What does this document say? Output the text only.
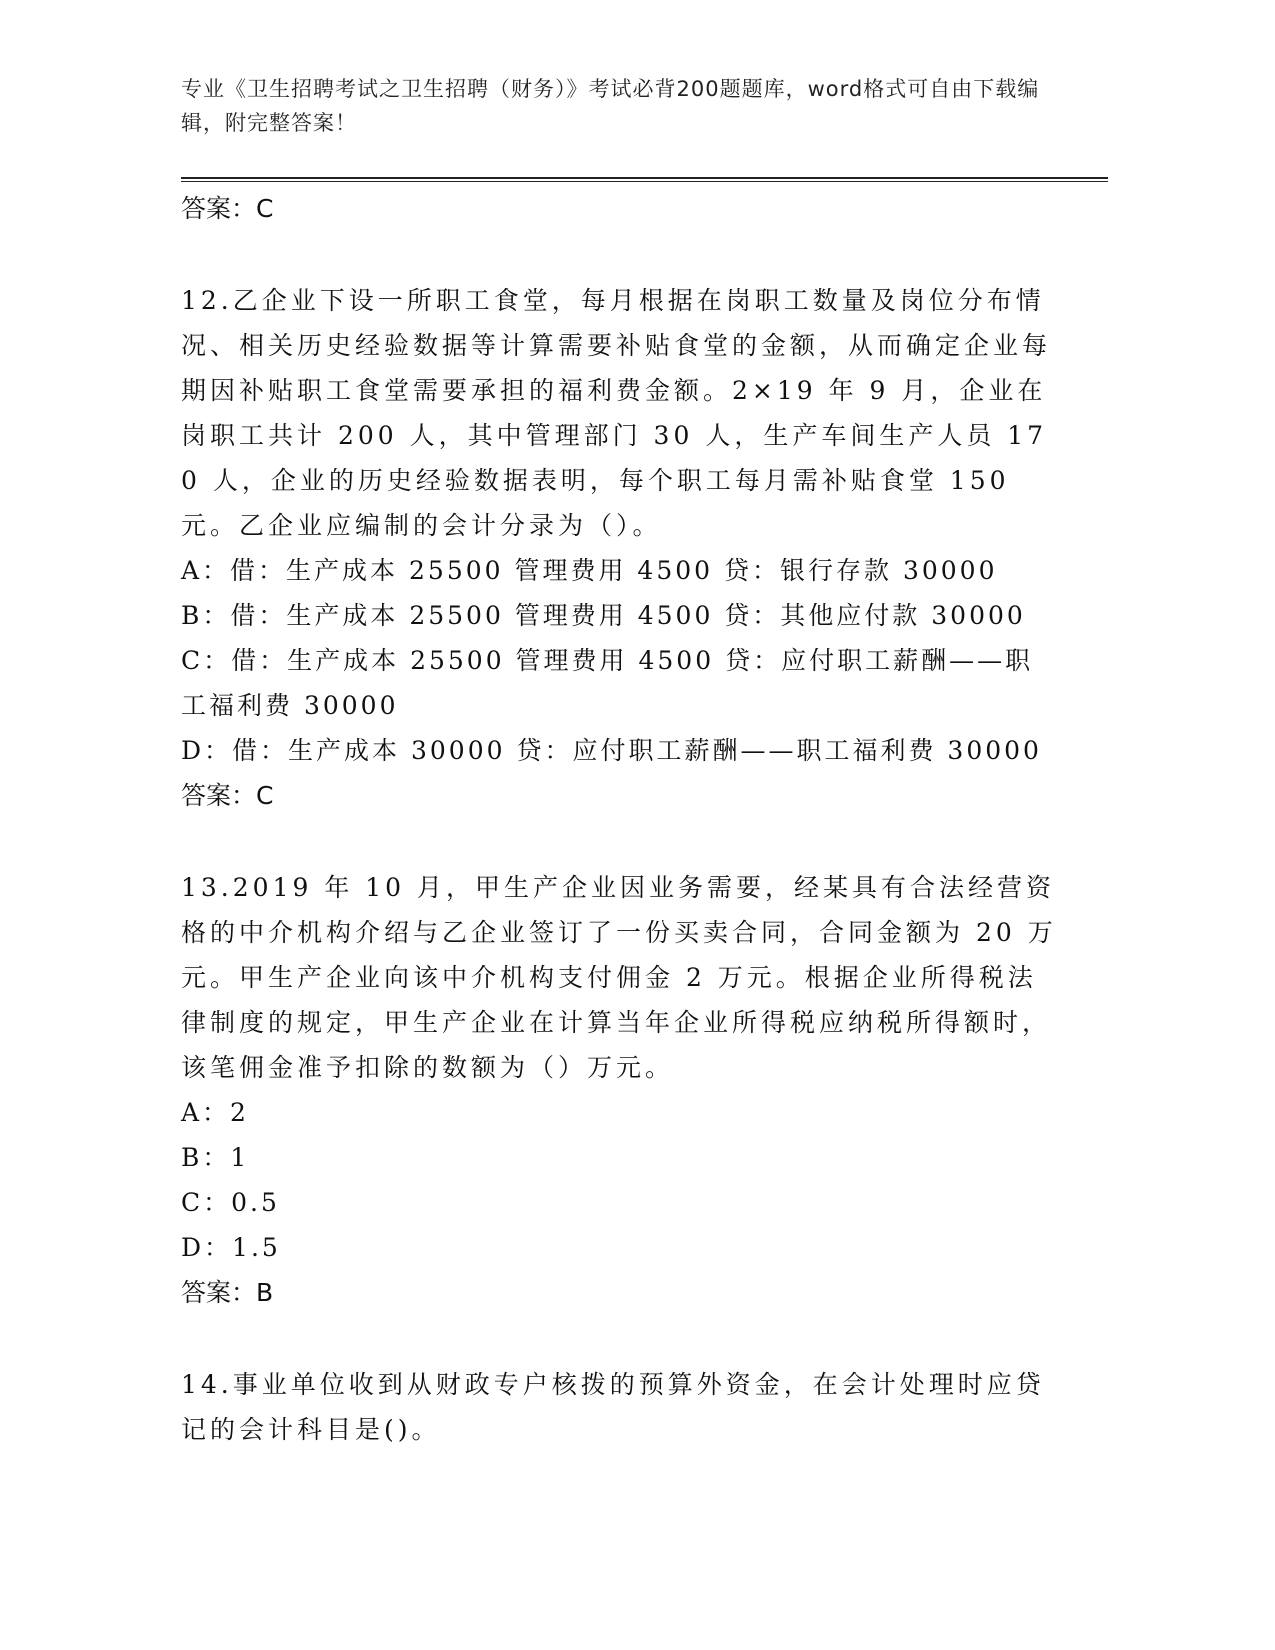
专业《卫生招聘考试之卫生招聘（财务）》考试必背200题题库，word格式可自由下载编辑，附完整答案！
答案：C
12.乙企业下设一所职工食堂，每月根据在岗职工数量及岗位分布情况、相关历史经验数据等计算需要补贴食堂的金额，从而确定企业每期因补贴职工食堂需要承担的福利费金额。2×19 年 9 月，企业在岗职工共计 200 人，其中管理部门 30 人，生产车间生产人员 170 人，企业的历史经验数据表明，每个职工每月需补贴食堂 150 元。乙企业应编制的会计分录为（）。
A：借：生产成本 25500 管理费用 4500 贷：银行存款 30000
B：借：生产成本 25500 管理费用 4500 贷：其他应付款 30000
C：借：生产成本 25500 管理费用 4500 贷：应付职工薪酬——职工福利费 30000
D：借：生产成本 30000 贷：应付职工薪酬——职工福利费 30000
答案：C
13.2019 年 10 月，甲生产企业因业务需要，经某具有合法经营资格的中介机构介绍与乙企业签订了一份买卖合同，合同金额为 20 万元。甲生产企业向该中介机构支付佣金 2 万元。根据企业所得税法律制度的规定，甲生产企业在计算当年企业所得税应纳税所得额时，该笔佣金准予扣除的数额为（）万元。
A：2
B：1
C：0.5
D：1.5
答案：B
14.事业单位收到从财政专户核拨的预算外资金，在会计处理时应贷记的会计科目是()。
